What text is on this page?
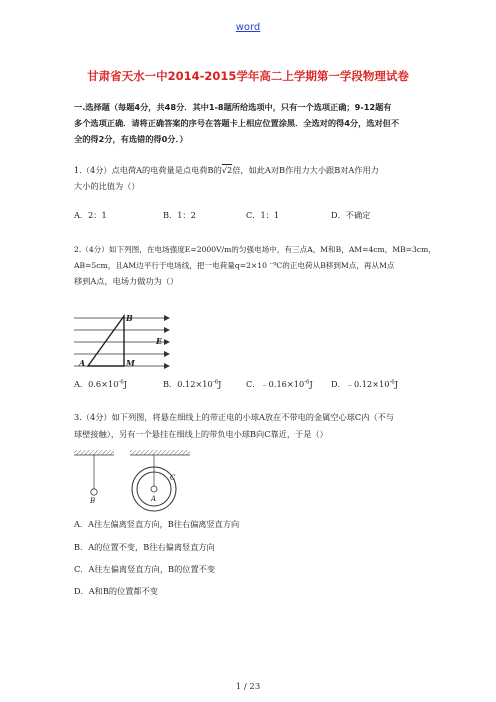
word
甘肃省天水一中2014-2015学年高二上学期第一学段物理试卷
一.选择题（每题4分，共48分．其中1-8题所给选项中，只有一个选项正确；9-12题有
多个选项正确．请将正确答案的序号在答题卡上相应位置涂黑．全选对的得4分，选对但不
全的得2分，有选错的得0分．）
1.（4分）点电荷A的电荷量是点电荷B的√2倍，如此A对B作用力大小跟B对A作用力
大小的比值为（）
A．2：1	B．1：2	C．1：1	D．不确定
2.（4分）如下列图，在电场强度E=2000V/m的匀强电场中，有三点A，M和B，AM=4cm，MB=3cm，
AB=5cm，且AM边平行于电场线，把一电荷量q=2×10 ⁻⁹C的正电荷从B移到M点，再从M点
移到A点，电场力做功为（）
B
E
A	M
A．$0.6\times 10^{-6}J$	B．$0.12\times 10^{-6}J$	C．$﹣0.16\times 10^{-6}J$ D．$﹣0.12\times 10^{-6}J$
3.（4分）如下列图，将悬在细线上的带正电的小球A放在不带电的金属空心球C内（不与
球壁接触），另有一个悬挂在细线上的带负电小球B向C靠近，于是（）
B	A
C
A．A往左偏离竖直方向，B往右偏离竖直方向
B．A的位置不变，B往右偏离竖直方向
C．A往左偏离竖直方向，B的位置不变
D．A和B的位置都不变
1 / 23
